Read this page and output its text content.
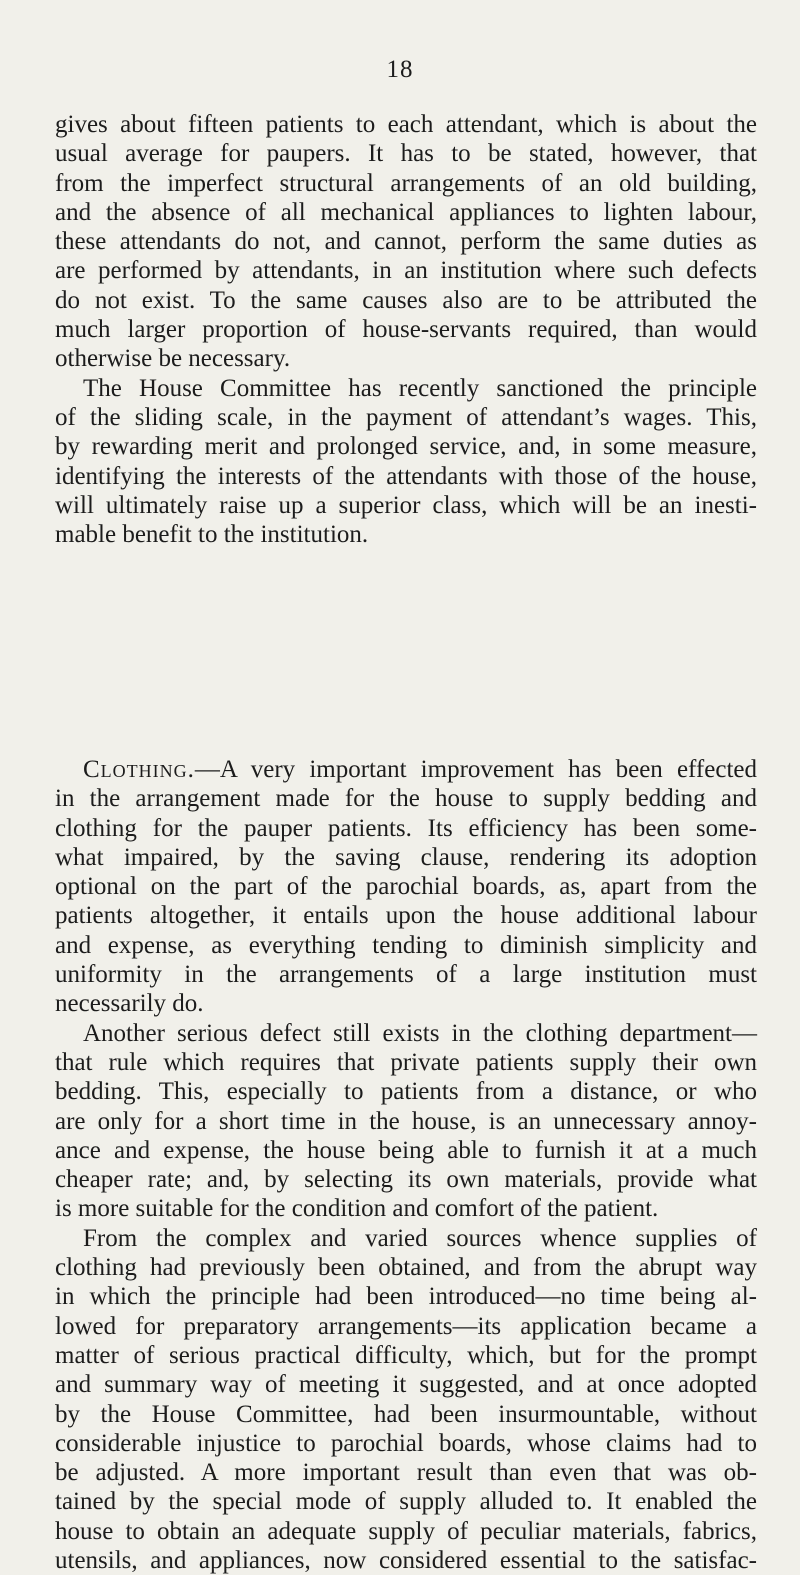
18
gives about fifteen patients to each attendant, which is about the
usual average for paupers. It has to be stated, however, that
from the imperfect structural arrangements of an old building,
and the absence of all mechanical appliances to lighten labour,
these attendants do not, and cannot, perform the same duties as
are performed by attendants, in an institution where such defects
do not exist. To the same causes also are to be attributed the
much larger proportion of house-servants required, than would
otherwise be necessary.
The House Committee has recently sanctioned the principle
of the sliding scale, in the payment of attendant’s wages. This,
by rewarding merit and prolonged service, and, in some measure,
identifying the interests of the attendants with those of the house,
will ultimately raise up a superior class, which will be an inesti-
mable benefit to the institution.
Clothing.—A very important improvement has been effected
in the arrangement made for the house to supply bedding and
clothing for the pauper patients. Its efficiency has been some-
what impaired, by the saving clause, rendering its adoption
optional on the part of the parochial boards, as, apart from the
patients altogether, it entails upon the house additional labour
and expense, as everything tending to diminish simplicity and
uniformity in the arrangements of a large institution must
necessarily do.
Another serious defect still exists in the clothing department—
that rule which requires that private patients supply their own
bedding. This, especially to patients from a distance, or who
are only for a short time in the house, is an unnecessary annoy-
ance and expense, the house being able to furnish it at a much
cheaper rate; and, by selecting its own materials, provide what
is more suitable for the condition and comfort of the patient.
From the complex and varied sources whence supplies of
clothing had previously been obtained, and from the abrupt way
in which the principle had been introduced—no time being al-
lowed for preparatory arrangements—its application became a
matter of serious practical difficulty, which, but for the prompt
and summary way of meeting it suggested, and at once adopted
by the House Committee, had been insurmountable, without
considerable injustice to parochial boards, whose claims had to
be adjusted. A more important result than even that was ob-
tained by the special mode of supply alluded to. It enabled the
house to obtain an adequate supply of peculiar materials, fabrics,
utensils, and appliances, now considered essential to the satisfac-
